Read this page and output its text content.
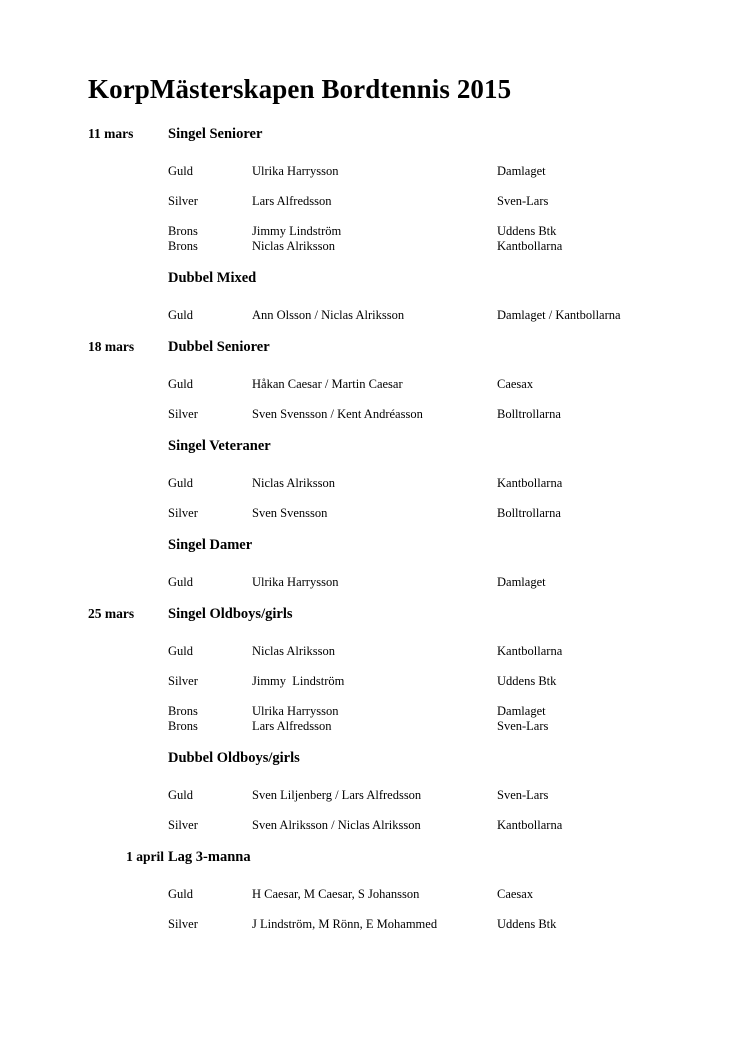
KorpMästerskapen Bordtennis 2015
11 mars	Singel Seniorer
Guld	Ulrika Harrysson	Damlaget
Silver	Lars Alfredsson	Sven-Lars
Brons	Jimmy Lindström	Uddens Btk
Brons	Niclas Alriksson	Kantbollarna
Dubbel Mixed
Guld	Ann Olsson / Niclas Alriksson	Damlaget / Kantbollarna
18 mars	Dubbel Seniorer
Guld	Håkan Caesar / Martin Caesar	Caesax
Silver	Sven Svensson / Kent Andréasson	Bolltrollarna
Singel Veteraner
Guld	Niclas Alriksson	Kantbollarna
Silver	Sven Svensson	Bolltrollarna
Singel Damer
Guld	Ulrika Harrysson	Damlaget
25 mars	Singel Oldboys/girls
Guld	Niclas Alriksson	Kantbollarna
Silver	Jimmy  Lindström	Uddens Btk
Brons	Ulrika Harrysson	Damlaget
Brons	Lars Alfredsson	Sven-Lars
Dubbel Oldboys/girls
Guld	Sven Liljenberg / Lars Alfredsson	Sven-Lars
Silver	Sven Alriksson / Niclas Alriksson	Kantbollarna
1 april Lag 3-manna
Guld	H Caesar, M Caesar, S Johansson	Caesax
Silver	J Lindström, M Rönn, E Mohammed	Uddens Btk
